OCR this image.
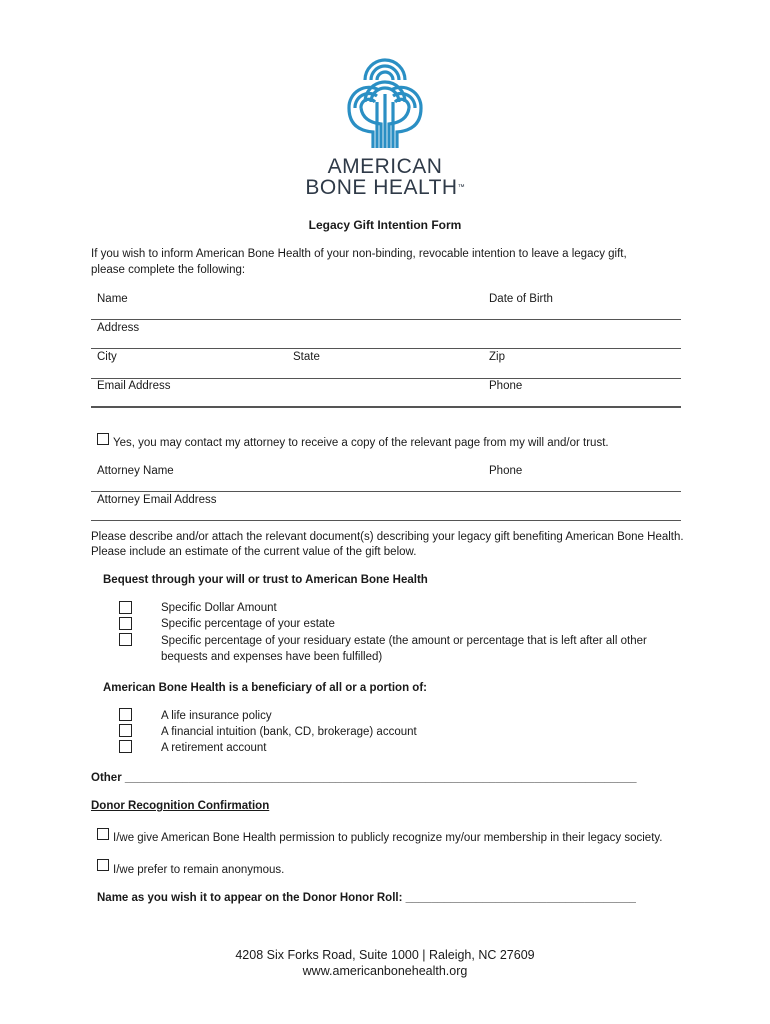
AMERICAN
BONE HEALTH™
Legacy Gift Intention Form
If you wish to inform American Bone Health of your non-binding, revocable intention to leave a legacy gift,
please complete the following:
Name	Date of Birth
Address
City	State	Zip
Email Address	Phone
Yes, you may contact my attorney to receive a copy of the relevant page from my will and/or trust.
Attorney Name	Phone
Attorney Email Address
Please describe and/or attach the relevant document(s) describing your legacy gift benefiting American Bone Health.
Please include an estimate of the current value of the gift below.
Bequest through your will or trust to American Bone Health
Specific Dollar Amount
Specific percentage of your estate
Specific percentage of your residuary estate (the amount or percentage that is left after all other
bequests and expenses have been fulfilled)
American Bone Health is a beneficiary of all or a portion of:
A life insurance policy
A financial intuition (bank, CD, brokerage) account
A retirement account
Other ________________________________________________________________________________
Donor Recognition Confirmation
I/we give American Bone Health permission to publicly recognize my/our membership in their legacy society.
I/we prefer to remain anonymous.
Name as you wish it to appear on the Donor Honor Roll: ____________________________________
4208 Six Forks Road, Suite 1000 | Raleigh, NC 27609
www.americanbonehealth.org
